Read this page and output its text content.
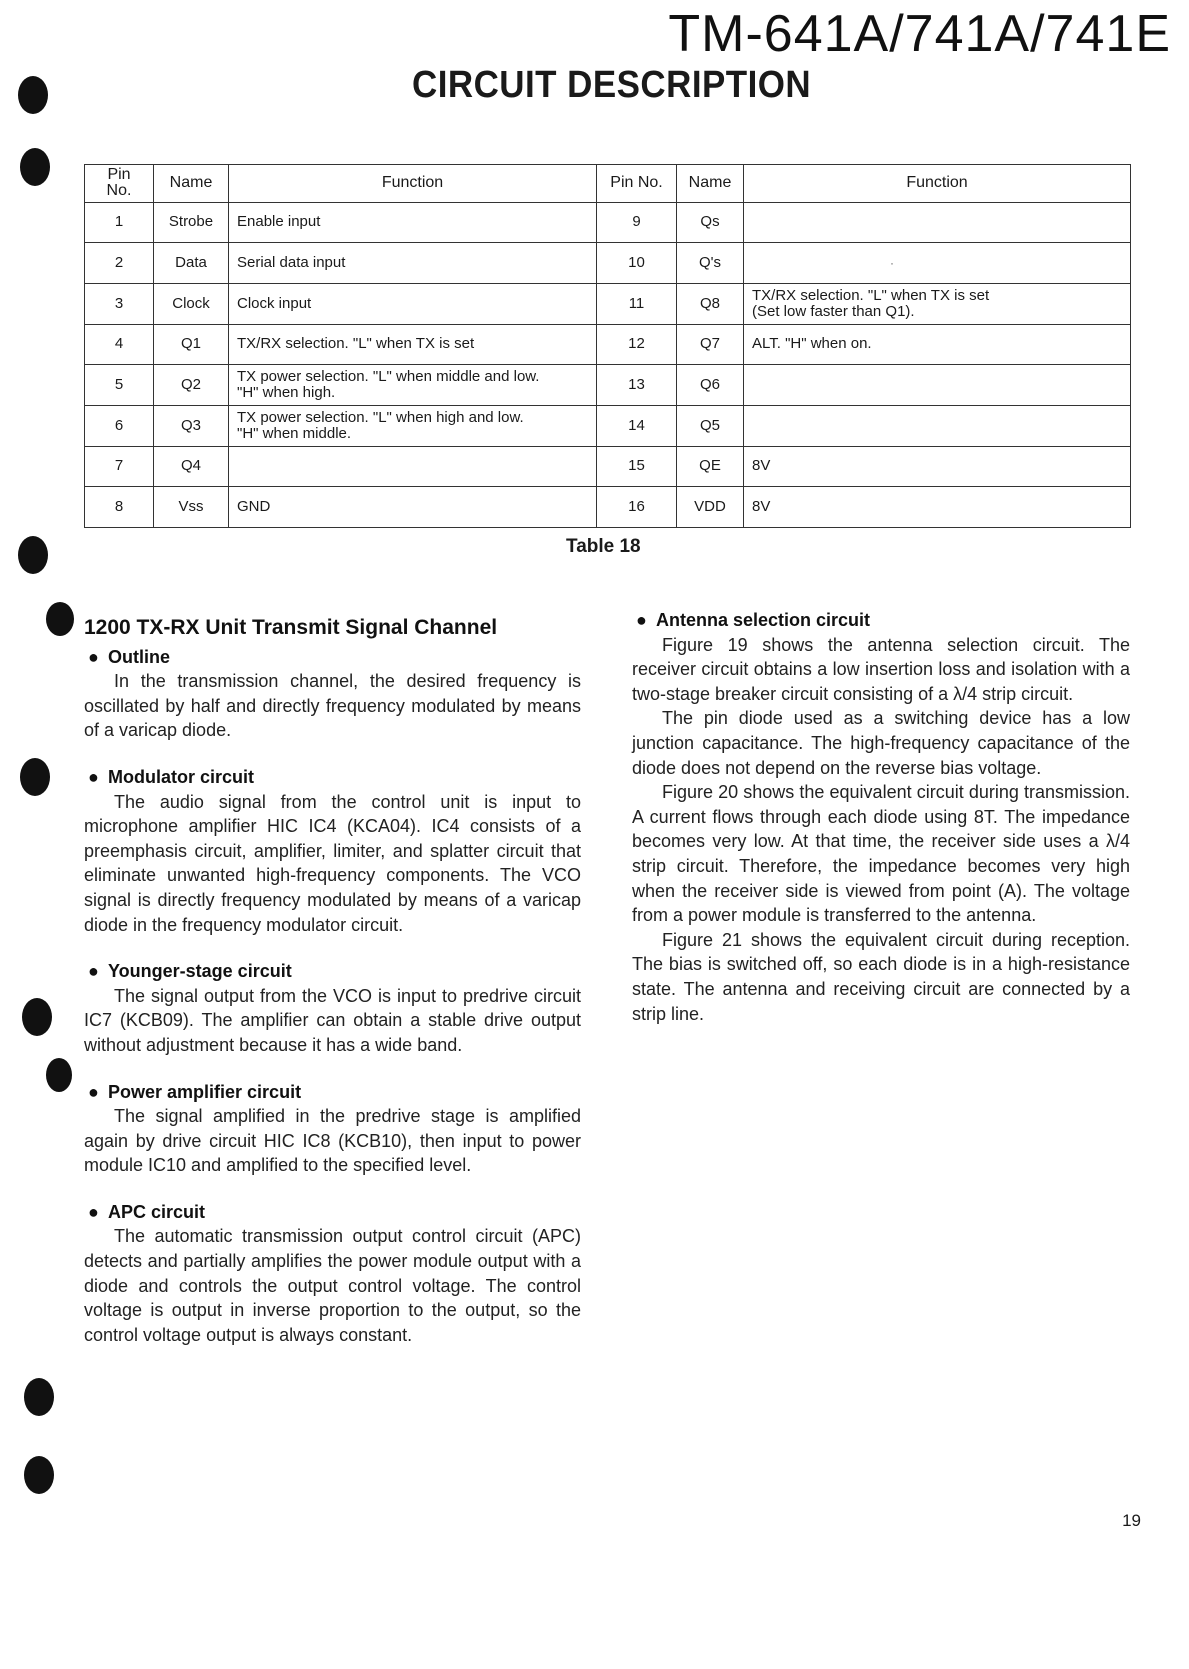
TM-641A/741A/741E
CIRCUIT DESCRIPTION
Pin No.	Name	Function	Pin No.	Name	Function

1	Strobe	Enable input	9	Qs	

2	Data	Serial data input	10	Q's	

3	Clock	Clock input	11	Q8	TX/RX selection. "L" when TX is set
(Set low faster than Q1).

4	Q1	TX/RX selection. "L" when TX is set	12	Q7	ALT. "H" when on.

5	Q2	TX power selection. "L" when middle and low.
"H" when high.	13	Q6	

6	Q3	TX power selection. "L" when high and low.
"H" when middle.	14	Q5	

7	Q4		15	QE	8V

8	Vss	GND	16	VDD	8V
·
Table 18
1200 TX-RX Unit Transmit Signal Channel
● Outline

In the transmission channel, the desired frequency is oscillated by half and directly frequency modulated by means of a varicap diode.

● Modulator circuit

The audio signal from the control unit is input to microphone amplifier HIC IC4 (KCA04). IC4 consists of a preemphasis circuit, amplifier, limiter, and splatter circuit that eliminate unwanted high-frequency components. The VCO signal is directly frequency modulated by means of a varicap diode in the frequency modulator circuit.

● Younger-stage circuit

The signal output from the VCO is input to predrive circuit IC7 (KCB09). The amplifier can obtain a stable drive output without adjustment because it has a wide band.

● Power amplifier circuit

The signal amplified in the predrive stage is amplified again by drive circuit HIC IC8 (KCB10), then input to power module IC10 and amplified to the specified level.

● APC circuit

The automatic transmission output control circuit (APC) detects and partially amplifies the power module output with a diode and controls the output control voltage. The control voltage is output in inverse proportion to the output, so the control voltage output is always constant.

● Antenna selection circuit

Figure 19 shows the antenna selection circuit. The receiver circuit obtains a low insertion loss and isolation with a two-stage breaker circuit consisting of a λ/4 strip circuit.

The pin diode used as a switching device has a low junction capacitance. The high-frequency capacitance of the diode does not depend on the reverse bias voltage.

Figure 20 shows the equivalent circuit during transmission. A current flows through each diode using 8T. The impedance becomes very low. At that time, the receiver side uses a λ/4 strip circuit. Therefore, the impedance becomes very high when the receiver side is viewed from point (A). The voltage from a power module is transferred to the antenna.

Figure 21 shows the equivalent circuit during reception. The bias is switched off, so each diode is in a high-resistance state. The antenna and receiving circuit are connected by a strip line.

19
